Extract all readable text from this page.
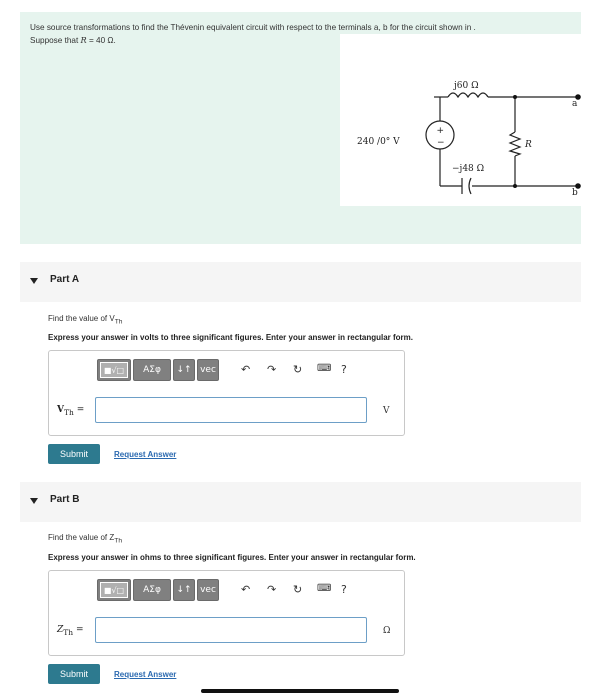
Use source transformations to find the Thévenin equivalent circuit with respect to the terminals a, b for the circuit shown in .
Suppose that R = 40 Ω.
+
−
240 /0° V
j60 Ω
−j48 Ω
R
a
b
Part A
Find the value of $V_{Th}$
Express your answer in volts to three significant figures. Enter your answer in rectangular form.
■√□	ΑΣφ ↓↑ vec ↶ ↷ ↻ ⌨ ?
$V_{Th}$ =	V
Submit	Request Answer
Part B
Find the value of $Z_{Th}$
Express your answer in ohms to three significant figures. Enter your answer in rectangular form.
■√□	ΑΣφ ↓↑ vec ↶ ↷ ↻ ⌨ ?
$Z_{Th}$ =	Ω
Submit	Request Answer
